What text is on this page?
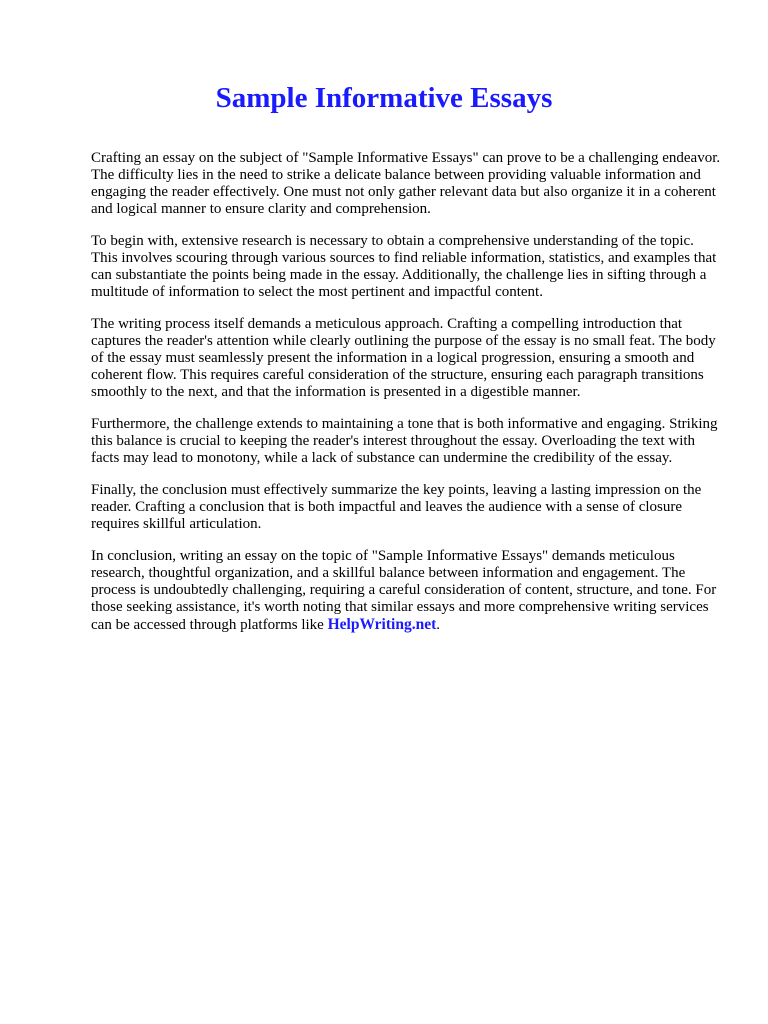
Sample Informative Essays

Crafting an essay on the subject of "Sample Informative Essays" can prove to be a challenging endeavor. The difficulty lies in the need to strike a delicate balance between providing valuable information and engaging the reader effectively. One must not only gather relevant data but also organize it in a coherent and logical manner to ensure clarity and comprehension.

To begin with, extensive research is necessary to obtain a comprehensive understanding of the topic. This involves scouring through various sources to find reliable information, statistics, and examples that can substantiate the points being made in the essay. Additionally, the challenge lies in sifting through a multitude of information to select the most pertinent and impactful content.

The writing process itself demands a meticulous approach. Crafting a compelling introduction that captures the reader's attention while clearly outlining the purpose of the essay is no small feat. The body of the essay must seamlessly present the information in a logical progression, ensuring a smooth and coherent flow. This requires careful consideration of the structure, ensuring each paragraph transitions smoothly to the next, and that the information is presented in a digestible manner.

Furthermore, the challenge extends to maintaining a tone that is both informative and engaging. Striking this balance is crucial to keeping the reader's interest throughout the essay. Overloading the text with facts may lead to monotony, while a lack of substance can undermine the credibility of the essay.

Finally, the conclusion must effectively summarize the key points, leaving a lasting impression on the reader. Crafting a conclusion that is both impactful and leaves the audience with a sense of closure requires skillful articulation.

In conclusion, writing an essay on the topic of "Sample Informative Essays" demands meticulous research, thoughtful organization, and a skillful balance between information and engagement. The process is undoubtedly challenging, requiring a careful consideration of content, structure, and tone. For those seeking assistance, it's worth noting that similar essays and more comprehensive writing services can be accessed through platforms like HelpWriting.net.
